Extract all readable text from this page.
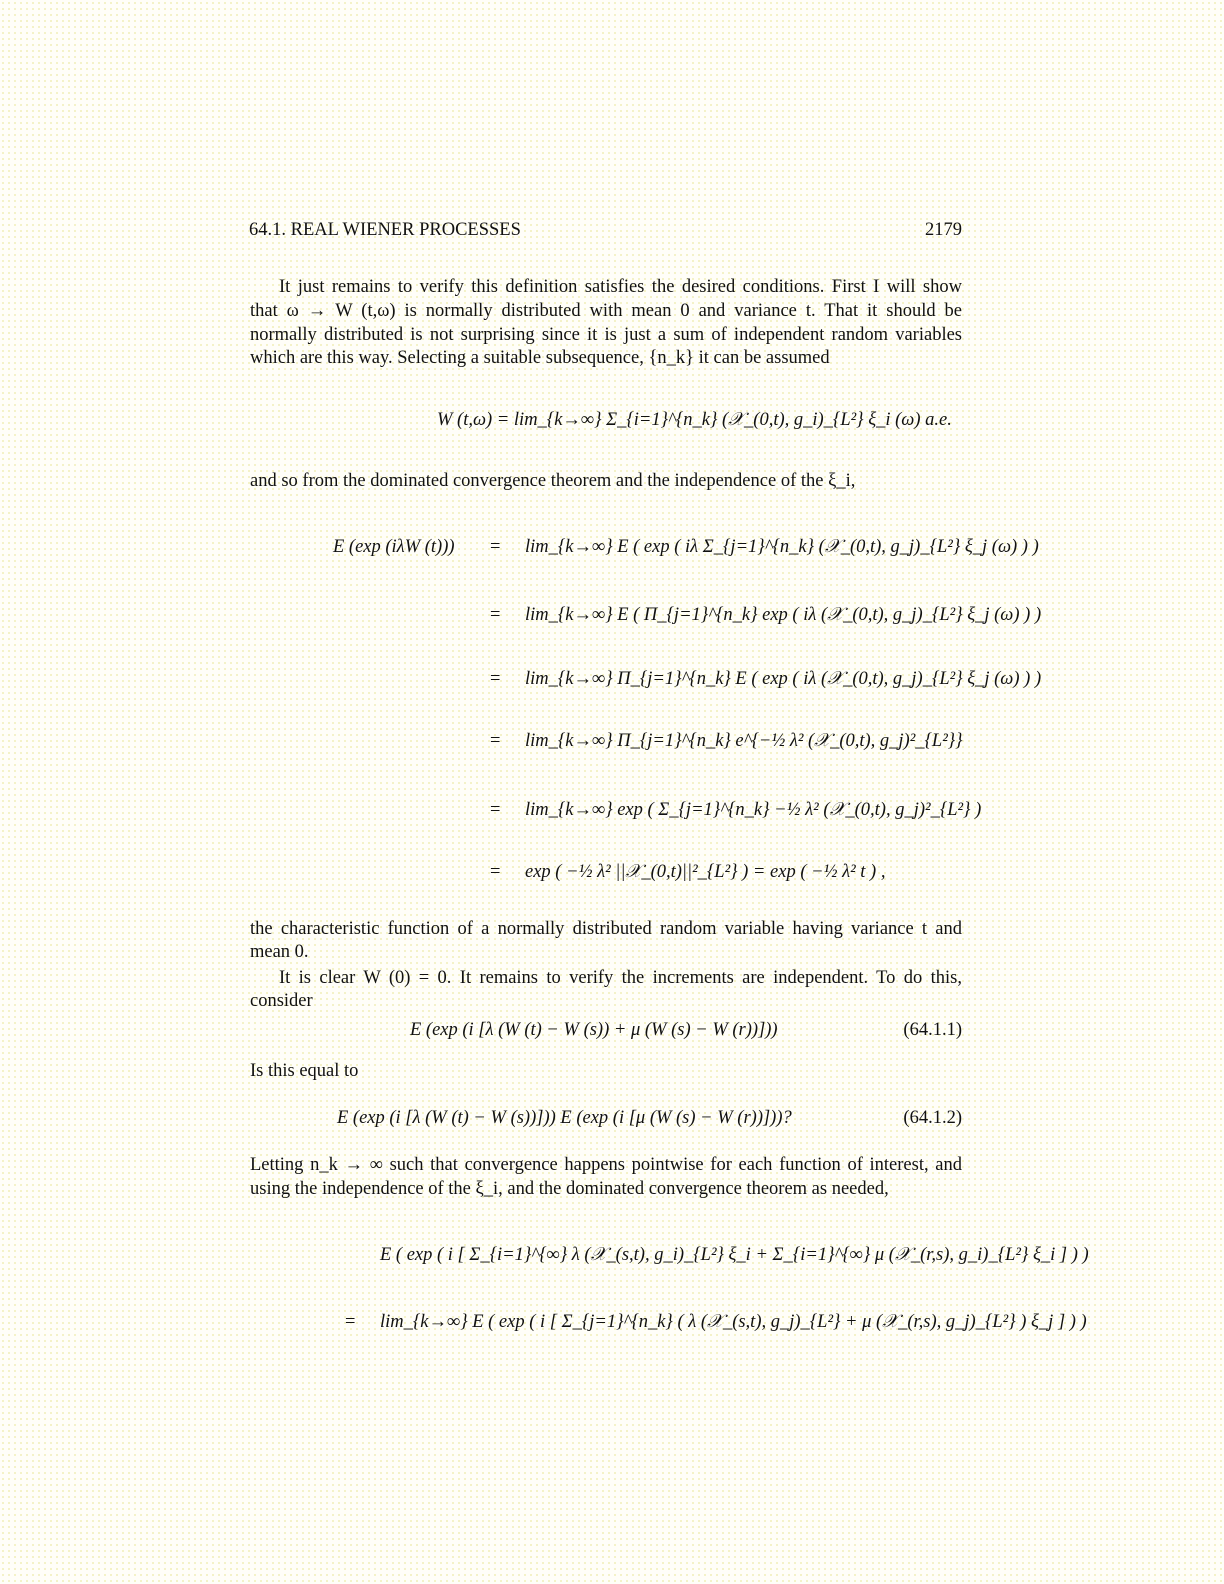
64.1. REAL WIENER PROCESSES	2179
It just remains to verify this definition satisfies the desired conditions. First I will show
that ω → W (t,ω) is normally distributed with mean 0 and variance t. That it should be
normally distributed is not surprising since it is just a sum of independent random variables
which are this way. Selecting a suitable subsequence, {n_k} it can be assumed
W (t,ω) = lim_{k→∞} Σ_{i=1}^{n_k} (𝒳_(0,t), g_i)_{L²} ξ_i (ω) a.e.
and so from the dominated convergence theorem and the independence of the ξ_i,
E (exp (iλW (t))) = lim_{k→∞} E ( exp ( iλ Σ_{j=1}^{n_k} (𝒳_(0,t), g_j)_{L²} ξ_j (ω) ) )
= lim_{k→∞} E ( Π_{j=1}^{n_k} exp ( iλ (𝒳_(0,t), g_j)_{L²} ξ_j (ω) ) )
= lim_{k→∞} Π_{j=1}^{n_k} E ( exp ( iλ (𝒳_(0,t), g_j)_{L²} ξ_j (ω) ) )
= lim_{k→∞} Π_{j=1}^{n_k} e^{−½ λ² (𝒳_(0,t), g_j)²_{L²}}
= lim_{k→∞} exp ( Σ_{j=1}^{n_k} −½ λ² (𝒳_(0,t), g_j)²_{L²} )
= exp ( −½ λ² ||𝒳_(0,t)||²_{L²} ) = exp ( −½ λ² t ) ,
the characteristic function of a normally distributed random variable having variance t and
mean 0.
It is clear W (0) = 0. It remains to verify the increments are independent. To do this,
consider
E (exp (i [λ (W (t) − W (s)) + μ (W (s) − W (r))]))	(64.1.1)
Is this equal to
E (exp (i [λ (W (t) − W (s))])) E (exp (i [μ (W (s) − W (r))]))?	(64.1.2)
Letting n_k → ∞ such that convergence happens pointwise for each function of interest, and
using the independence of the ξ_i, and the dominated convergence theorem as needed,
E ( exp ( i [ Σ_{i=1}^{∞} λ (𝒳_(s,t), g_i)_{L²} ξ_i + Σ_{i=1}^{∞} μ (𝒳_(r,s), g_i)_{L²} ξ_i ] ) )
= lim_{k→∞} E ( exp ( i [ Σ_{j=1}^{n_k} ( λ (𝒳_(s,t), g_j)_{L²} + μ (𝒳_(r,s), g_j)_{L²} ) ξ_j ] ) )
